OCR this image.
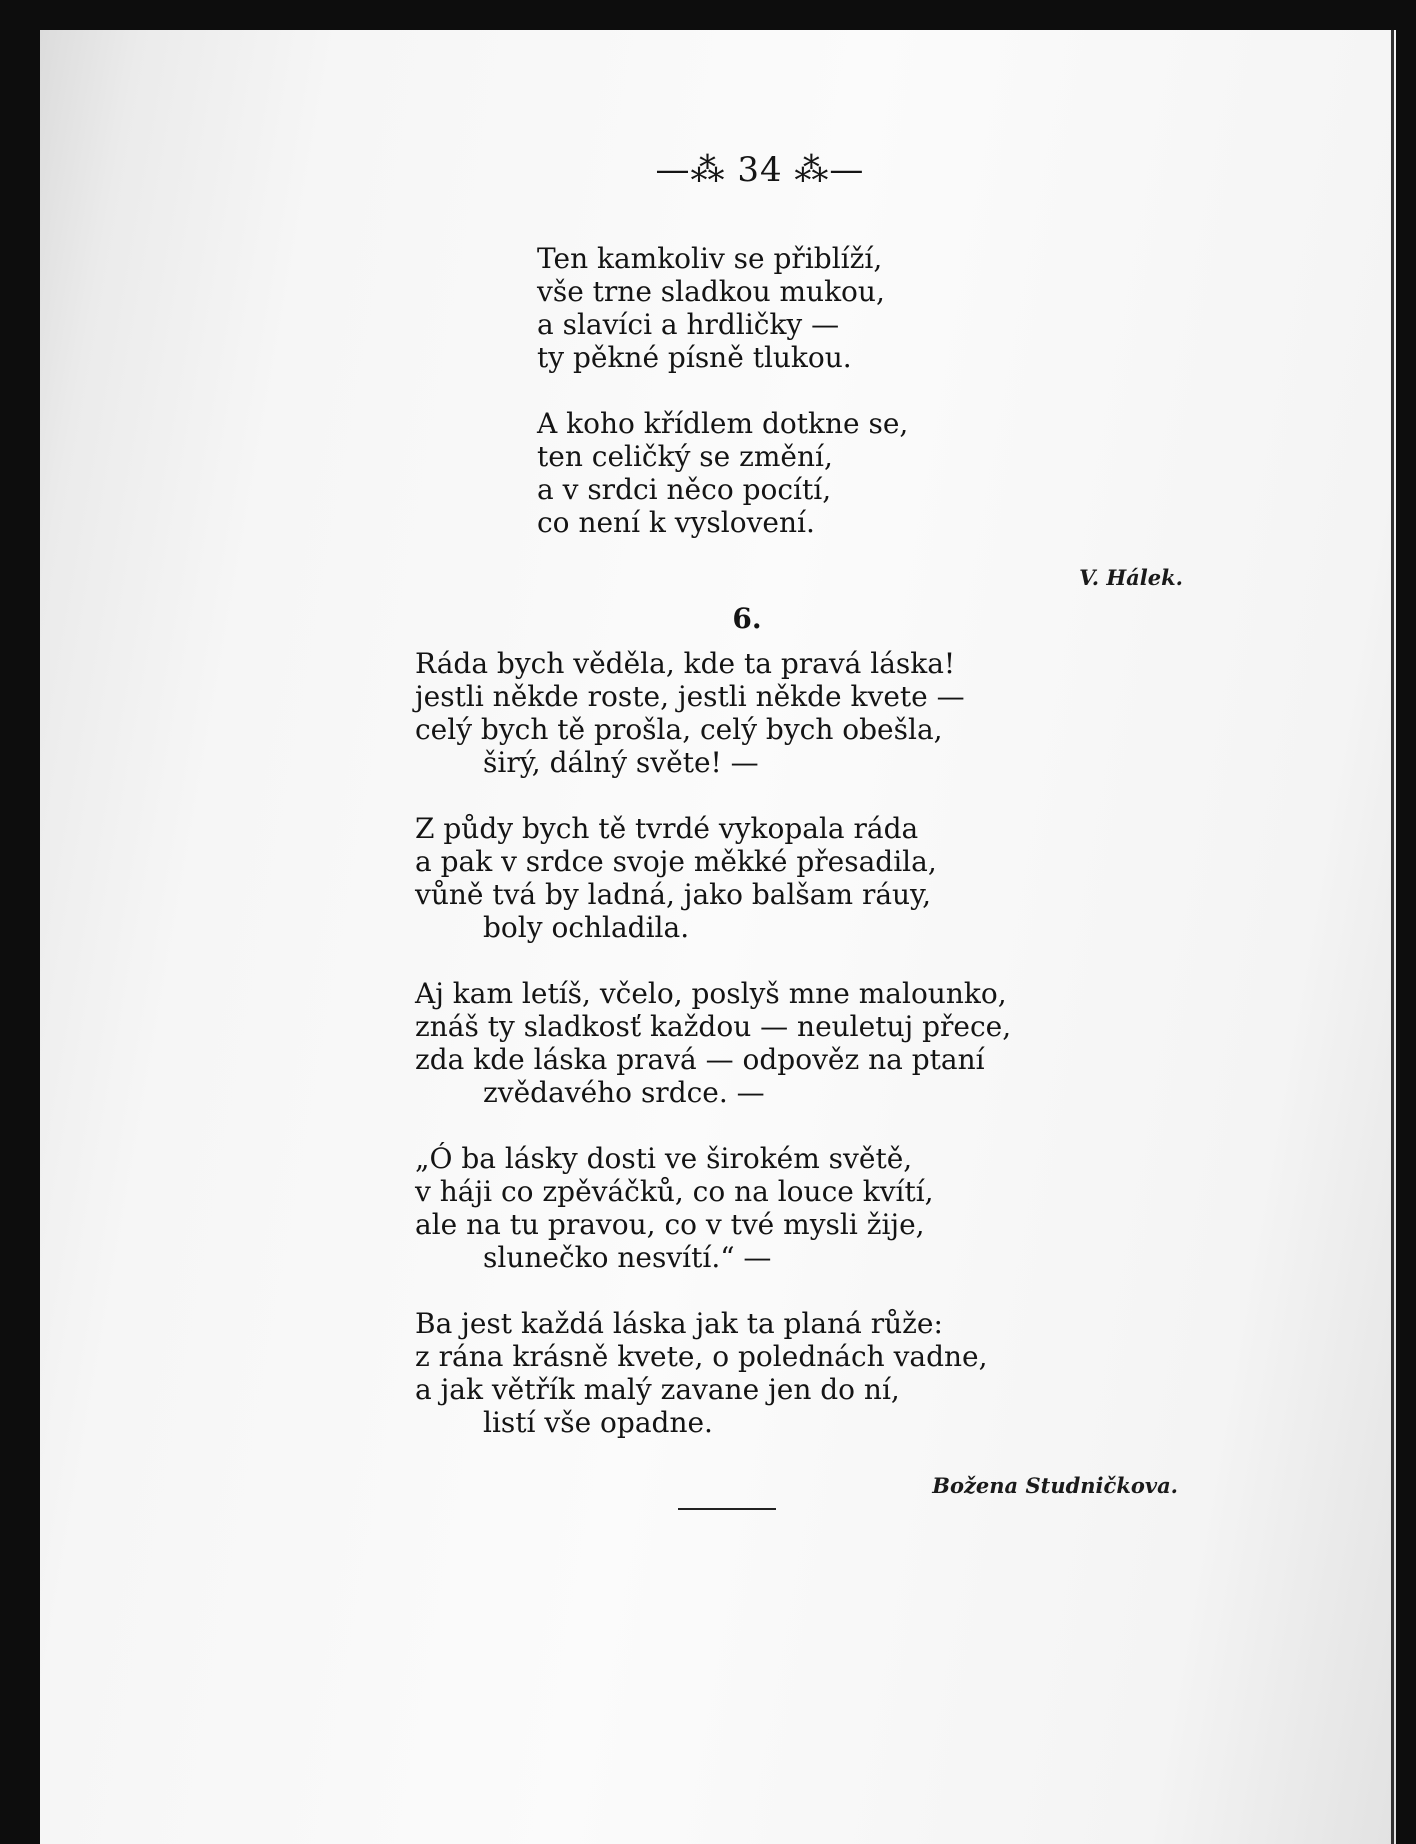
—⁂ 34 ⁂—
Ten kamkoliv se přiblíží,
vše trne sladkou mukou,
a slavíci a hrdličky —
ty pěkné písně tlukou.
A koho křídlem dotkne se,
ten celičký se změní,
a v srdci něco pocítí,
co není k vyslovení.
V. Hálek.
6.
Ráda bych věděla, kde ta pravá láska!
jestli někde roste, jestli někde kvete —
celý bych tě prošla, celý bych obešla,
širý, dálný světe! —
Z půdy bych tě tvrdé vykopala ráda
a pak v srdce svoje měkké přesadila,
vůně tvá by ladná, jako balšam ráuy,
boly ochladila.
Aj kam letíš, včelo, poslyš mne malounko,
znáš ty sladkosť každou — neuletuj přece,
zda kde láska pravá — odpověz na ptaní
zvědavého srdce. —
„Ó ba lásky dosti ve širokém světě,
v háji co zpěváčků, co na louce kvítí,
ale na tu pravou, co v tvé mysli žije,
slunečko nesvítí.“ —
Ba jest každá láska jak ta planá růže:
z rána krásně kvete, o polednách vadne,
a jak větřík malý zavane jen do ní,
listí vše opadne.
Božena Studničkova.
